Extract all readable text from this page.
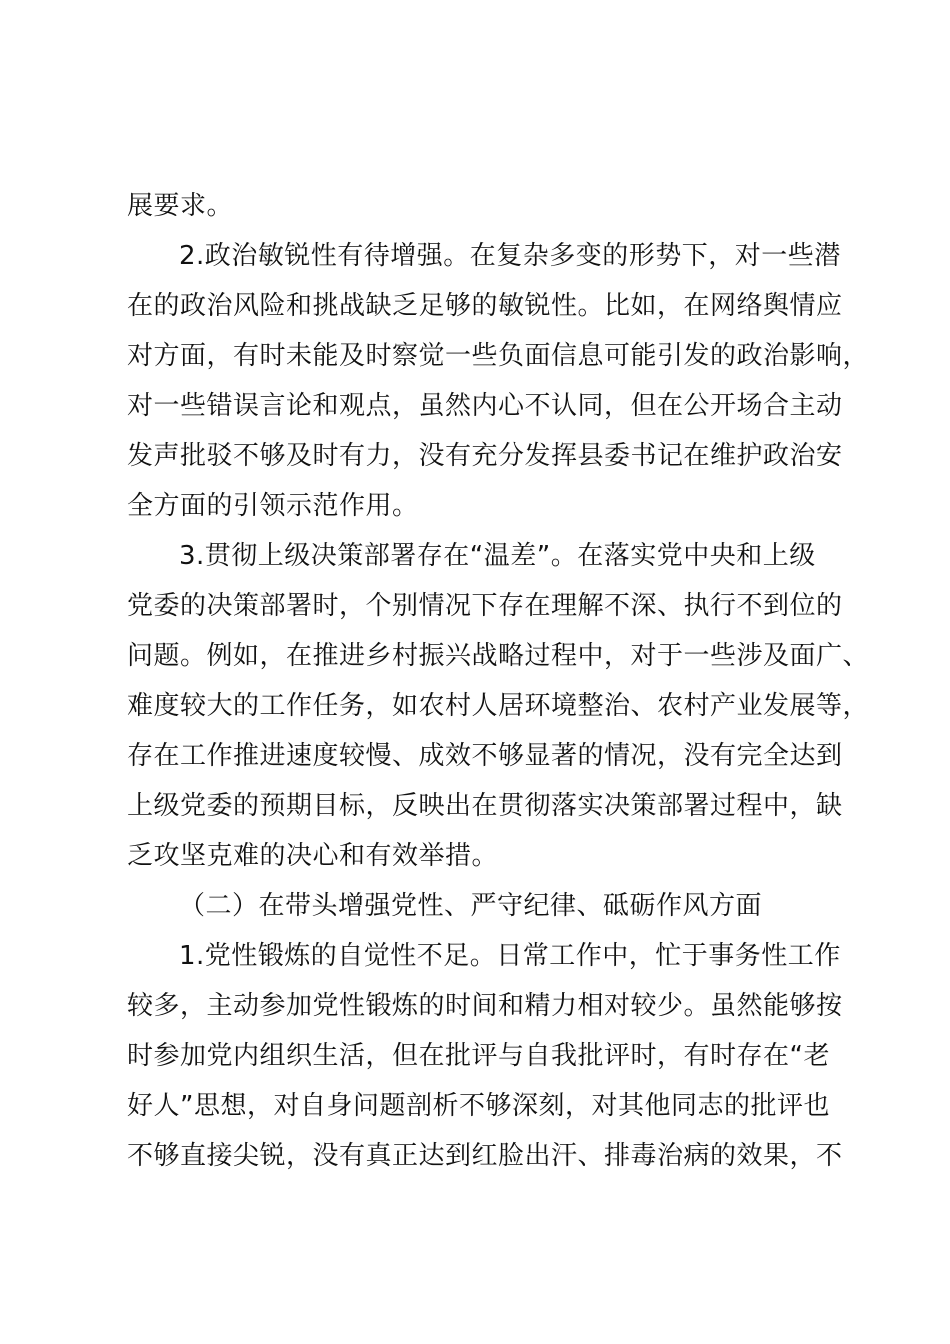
展要求。
2.政治敏锐性有待增强。在复杂多变的形势下，对一些潜
在的政治风险和挑战缺乏足够的敏锐性。比如，在网络舆情应
对方面，有时未能及时察觉一些负面信息可能引发的政治影响，
对一些错误言论和观点，虽然内心不认同，但在公开场合主动
发声批驳不够及时有力，没有充分发挥县委书记在维护政治安
全方面的引领示范作用。
3.贯彻上级决策部署存在“温差”。在落实党中央和上级
党委的决策部署时，个别情况下存在理解不深、执行不到位的
问题。例如，在推进乡村振兴战略过程中，对于一些涉及面广、
难度较大的工作任务，如农村人居环境整治、农村产业发展等，
存在工作推进速度较慢、成效不够显著的情况，没有完全达到
上级党委的预期目标，反映出在贯彻落实决策部署过程中，缺
乏攻坚克难的决心和有效举措。
（二）在带头增强党性、严守纪律、砥砺作风方面
1.党性锻炼的自觉性不足。日常工作中，忙于事务性工作
较多，主动参加党性锻炼的时间和精力相对较少。虽然能够按
时参加党内组织生活，但在批评与自我批评时，有时存在“老
好人”思想，对自身问题剖析不够深刻，对其他同志的批评也
不够直接尖锐，没有真正达到红脸出汗、排毒治病的效果，不
